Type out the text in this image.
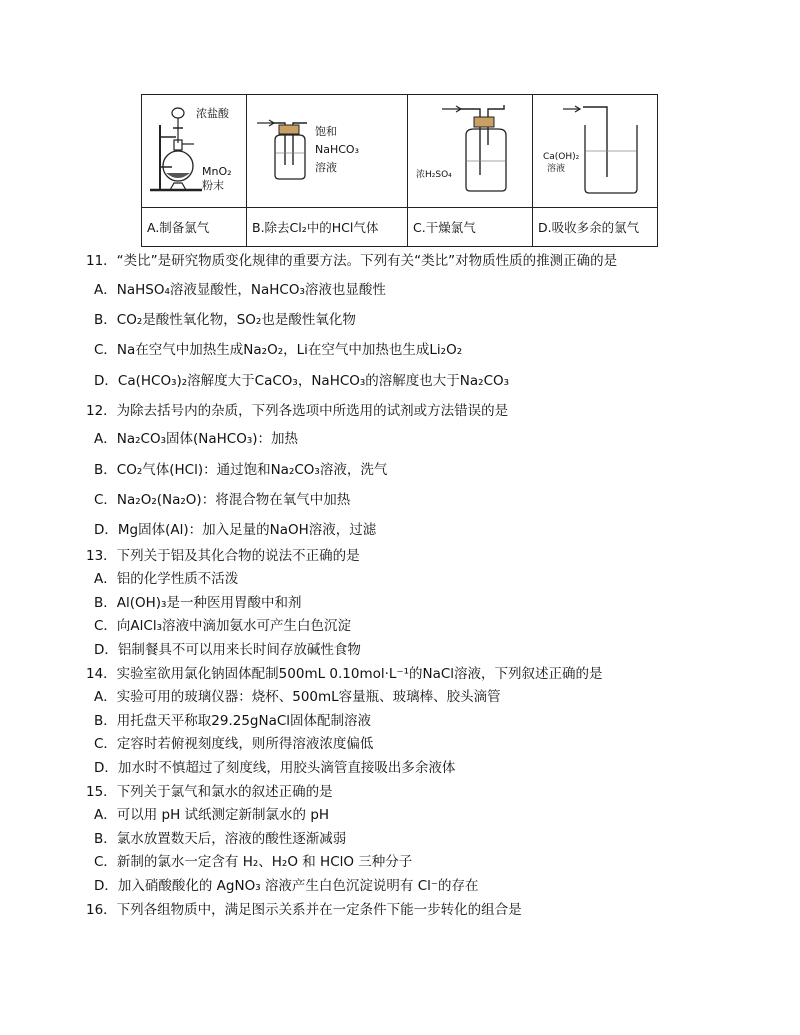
浓盐酸
MnO₂
粉末
饱和
NaHCO₃
溶液
浓H₂SO₄
Ca(OH)₂
溶液
A.制备氯气	B.除去Cl₂中的HCl气体	C.干燥氯气	D.吸收多余的氯气
11．“类比”是研究物质变化规律的重要方法。下列有关“类比”对物质性质的推测正确的是
A．NaHSO₄溶液显酸性，NaHCO₃溶液也显酸性
B．CO₂是酸性氧化物，SO₂也是酸性氧化物
C．Na在空气中加热生成Na₂O₂，Li在空气中加热也生成Li₂O₂
D．Ca(HCO₃)₂溶解度大于CaCO₃，NaHCO₃的溶解度也大于Na₂CO₃
12．为除去括号内的杂质，下列各选项中所选用的试剂或方法错误的是
A．Na₂CO₃固体(NaHCO₃)：加热
B．CO₂气体(HCl)：通过饱和Na₂CO₃溶液，洗气
C．Na₂O₂(Na₂O)：将混合物在氧气中加热
D．Mg固体(Al)：加入足量的NaOH溶液，过滤
13．下列关于铝及其化合物的说法不正确的是
A．铝的化学性质不活泼
B．Al(OH)₃是一种医用胃酸中和剂
C．向AlCl₃溶液中滴加氨水可产生白色沉淀
D．铝制餐具不可以用来长时间存放碱性食物
14．实验室欲用氯化钠固体配制500mL 0.10mol·L⁻¹的NaCl溶液，下列叙述正确的是
A．实验可用的玻璃仪器：烧杯、500mL容量瓶、玻璃棒、胶头滴管
B．用托盘天平称取29.25gNaCl固体配制溶液
C．定容时若俯视刻度线，则所得溶液浓度偏低
D．加水时不慎超过了刻度线，用胶头滴管直接吸出多余液体
15．下列关于氯气和氯水的叙述正确的是
A．可以用 pH 试纸测定新制氯水的 pH
B．氯水放置数天后，溶液的酸性逐渐减弱
C．新制的氯水一定含有 H₂、H₂O 和 HClO 三种分子
D．加入硝酸酸化的 AgNO₃ 溶液产生白色沉淀说明有 Cl⁻的存在
16．下列各组物质中，满足图示关系并在一定条件下能一步转化的组合是
